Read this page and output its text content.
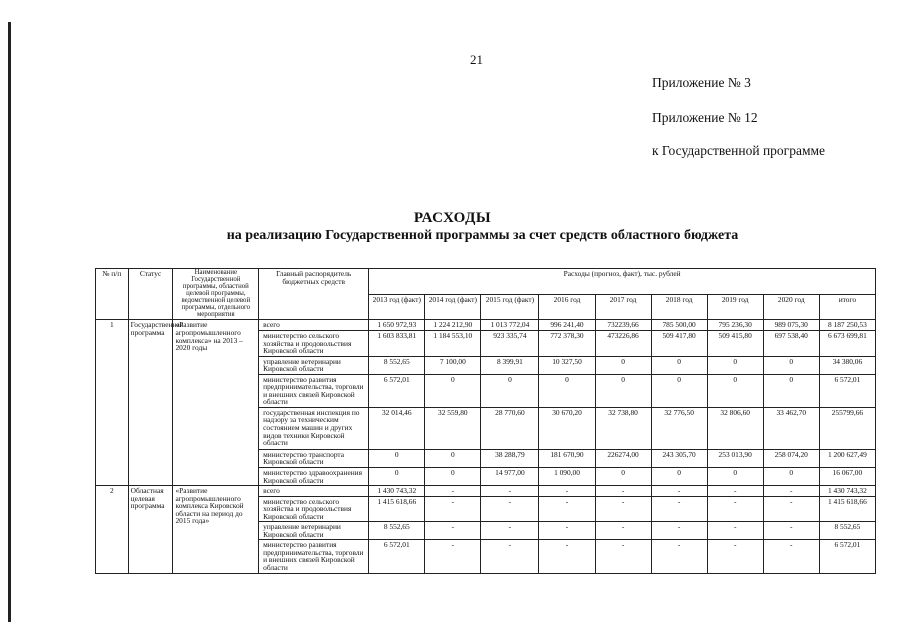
21
Приложение № 3
Приложение № 12
к Государственной программе
РАСХОДЫ
на реализацию Государственной программы за счет средств областного бюджета
№ п/п	Статус	Наименование Государственной программы, областной целевой программы, ведомственной целевой программы, отдельного мероприятия	Главный распорядитель бюджетных средств	Расходы (прогноз, факт), тыс. рублей								
				2013 год (факт)	2014 год (факт)	2015 год (факт)	2016 год	2017 год	2018 год	2019 год	2020 год	итого
1	Государственная программа	«Развитие агропромышленного комплекса» на 2013 – 2020 годы	всего	1 650 972,93	1 224 212,90	1 013 772,04	996 241,40	732239,66	785 500,00	795 236,30	989 075,30	8 187 250,53
			министерство сельского хозяйства и продовольствия Кировской области	1 603 833,81	1 184 553,10	923 335,74	772 378,30	473226,86	509 417,80	509 415,80	697 538,40	6 673 699,81
			управление ветеринарии Кировской области	8 552,65	7 100,00	8 399,91	10 327,50	0	0	0	0	34 380,06
			министерство развития предпринимательства, торговли и внешних связей Кировской области	6 572,01	0	0	0	0	0	0	0	6 572,01
			государственная инспекция по надзору за техническим состоянием машин и других видов техники Кировской области	32 014,46	32 559,80	28 770,60	30 670,20	32 738,80	32 776,50	32 806,60	33 462,70	255799,66
			министерство транспорта Кировской области	0	0	38 288,79	181 670,90	226274,00	243 305,70	253 013,90	258 074,20	1 200 627,49
			министерство здравоохранения Кировской области	0	0	14 977,00	1 090,00	0	0	0	0	16 067,00
2	Областная целевая программа	«Развитие агропромышленного комплекса Кировской области на период до 2015 года»	всего	1 430 743,32	-	-	-	-	-	-	-	1 430 743,32
			министерство сельского хозяйства и продовольствия Кировской области	1 415 618,66	-	-	-	-	-	-	-	1 415 618,66
			управление ветеринарии Кировской области	8 552,65	-	-	-	-	-	-	-	8 552,65
			министерство развития предпринимательства, торговли и внешних связей Кировской области	6 572,01	-	-	-	-	-	-	-	6 572,01
